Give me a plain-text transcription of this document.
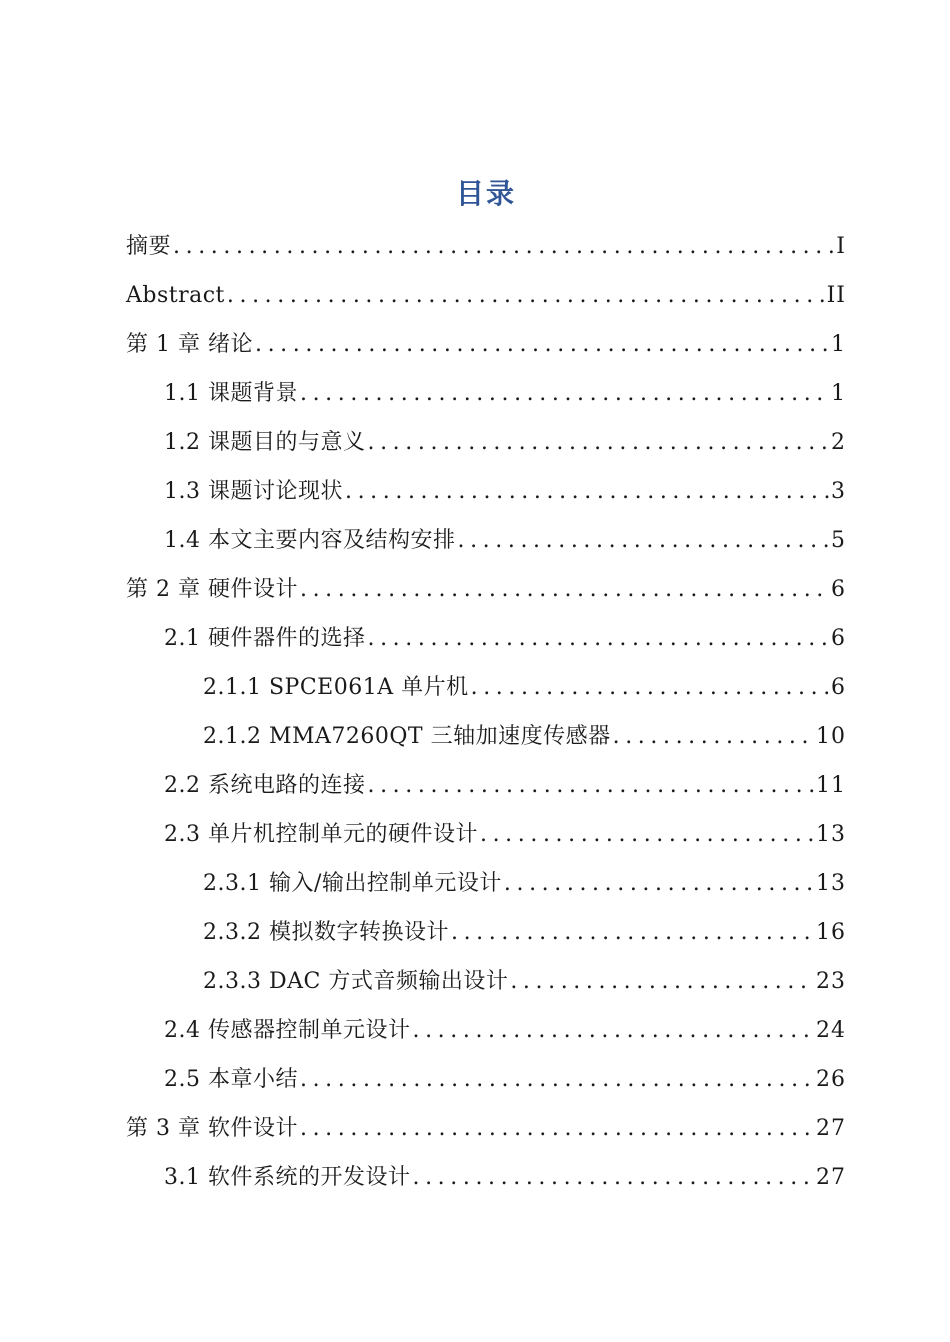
目录
摘要 .....	I
Abstract .....	II
第 1 章 绪论 .....	1
1.1 课题背景 .....	1
1.2 课题目的与意义 .....	2
1.3 课题讨论现状 .....	3
1.4 本文主要内容及结构安排 .....	5
第 2 章 硬件设计 .....	6
2.1 硬件器件的选择 .....	6
2.1.1 SPCE061A 单片机 .....	6
2.1.2 MMA7260QT 三轴加速度传感器 .....	10
2.2 系统电路的连接 .....	11
2.3 单片机控制单元的硬件设计 .....	13
2.3.1 输入/输出控制单元设计 .....	13
2.3.2 模拟数字转换设计 .....	16
2.3.3 DAC 方式音频输出设计 .....	23
2.4 传感器控制单元设计 .....	24
2.5 本章小结 .....	26
第 3 章 软件设计 .....	27
3.1 软件系统的开发设计 .....	27
